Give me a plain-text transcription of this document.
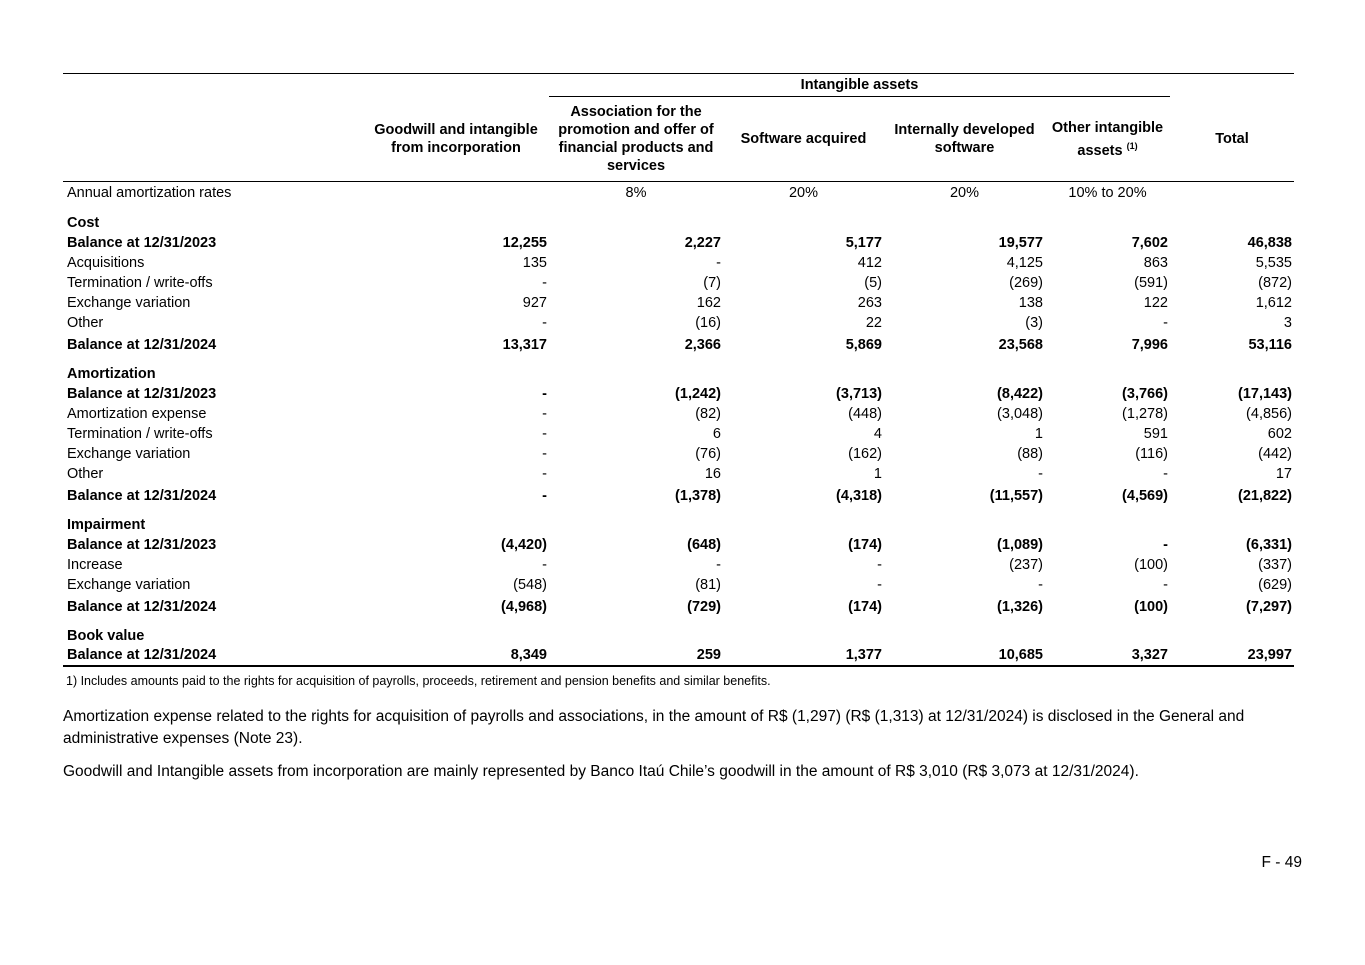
		Intangible assets				
	Goodwill and intangible from incorporation	Association for the promotion and offer of financial products and services	Software acquired	Internally developed software	Other intangible assets $^{(1)}$	Total
Annual amortization rates		8%	20%	20%	10% to 20%	
Cost						
Balance at 12/31/2023	12,255	2,227	5,177	19,577	7,602	46,838
Acquisitions	135	-	412	4,125	863	5,535
Termination / write-offs	-	(7)	(5)	(269)	(591)	(872)
Exchange variation	927	162	263	138	122	1,612
Other	-	(16)	22	(3)	-	3
Balance at 12/31/2024	13,317	2,366	5,869	23,568	7,996	53,116
Amortization						
Balance at 12/31/2023	-	(1,242)	(3,713)	(8,422)	(3,766)	(17,143)
Amortization expense	-	(82)	(448)	(3,048)	(1,278)	(4,856)
Termination / write-offs	-	6	4	1	591	602
Exchange variation	-	(76)	(162)	(88)	(116)	(442)
Other	-	16	1	-	-	17
Balance at 12/31/2024	-	(1,378)	(4,318)	(11,557)	(4,569)	(21,822)
Impairment						
Balance at 12/31/2023	(4,420)	(648)	(174)	(1,089)	-	(6,331)
Increase	-	-	-	(237)	(100)	(337)
Exchange variation	(548)	(81)	-	-	-	(629)
Balance at 12/31/2024	(4,968)	(729)	(174)	(1,326)	(100)	(7,297)
Book value						
Balance at 12/31/2024	8,349	259	1,377	10,685	3,327	23,997
1) Includes amounts paid to the rights for acquisition of payrolls, proceeds, retirement and pension benefits and similar benefits.

Amortization expense related to the rights for acquisition of payrolls and associations, in the amount of R$ (1,297) (R$ (1,313) at 12/31/2024) is disclosed in the General and administrative expenses (Note 23).

Goodwill and Intangible assets from incorporation are mainly represented by Banco Itaú Chile’s goodwill in the amount of R$ 3,010 (R$ 3,073 at 12/31/2024).

F - 49
